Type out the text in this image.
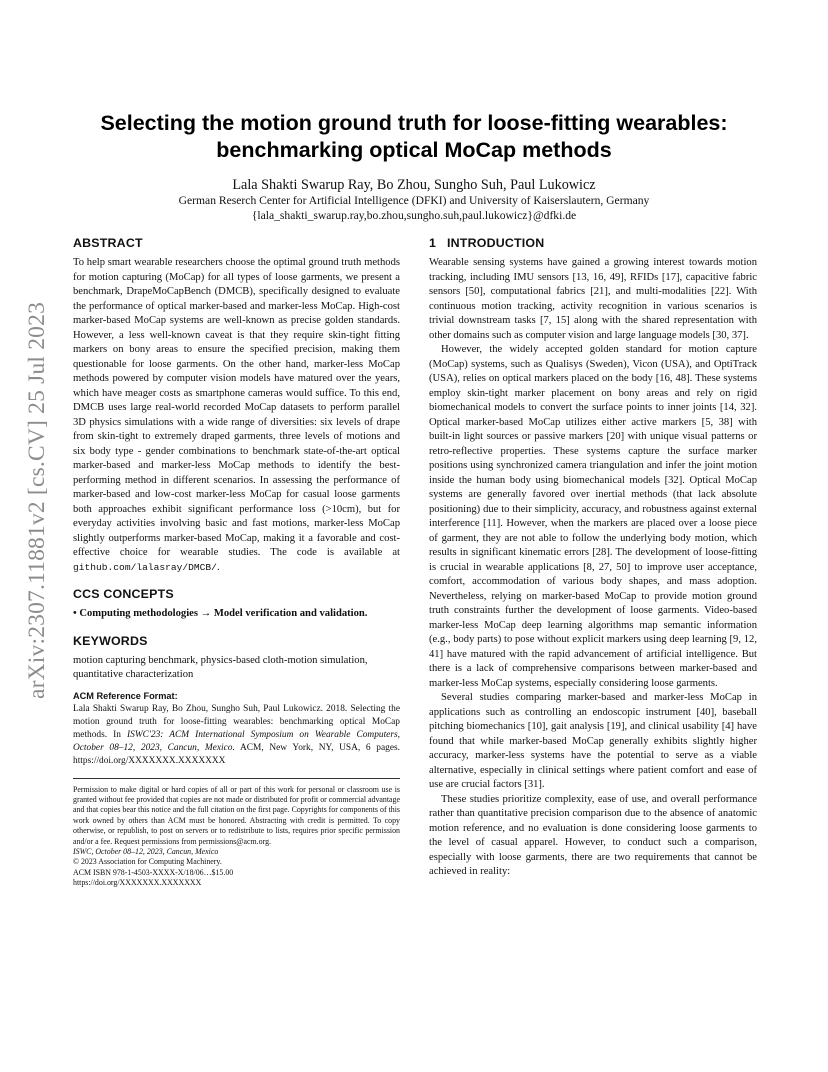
arXiv:2307.11881v2 [cs.CV] 25 Jul 2023
Selecting the motion ground truth for loose-fitting wearables:
benchmarking optical MoCap methods
Lala Shakti Swarup Ray, Bo Zhou, Sungho Suh, Paul Lukowicz
German Reserch Center for Artificial Intelligence (DFKI) and University of Kaiserslautern, Germany
{lala_shakti_swarup.ray,bo.zhou,sungho.suh,paul.lukowicz}@dfki.de
ABSTRACT

To help smart wearable researchers choose the optimal ground truth methods for motion capturing (MoCap) for all types of loose garments, we present a benchmark, DrapeMoCapBench (DMCB), specifically designed to evaluate the performance of optical marker-based and marker-less MoCap. High-cost marker-based MoCap systems are well-known as precise golden standards. However, a less well-known caveat is that they require skin-tight fitting markers on bony areas to ensure the specified precision, making them questionable for loose garments. On the other hand, marker-less MoCap methods powered by computer vision models have matured over the years, which have meager costs as smartphone cameras would suffice. To this end, DMCB uses large real-world recorded MoCap datasets to perform parallel 3D physics simulations with a wide range of diversities: six levels of drape from skin-tight to extremely draped garments, three levels of motions and six body type - gender combinations to benchmark state-of-the-art optical marker-based and marker-less MoCap methods to identify the best-performing method in different scenarios. In assessing the performance of marker-based and low-cost marker-less MoCap for casual loose garments both approaches exhibit significant performance loss (>10cm), but for everyday activities involving basic and fast motions, marker-less MoCap slightly outperforms marker-based MoCap, making it a favorable and cost-effective choice for wearable studies. The code is available at github.com/lalasray/DMCB/.

CCS CONCEPTS

• Computing methodologies → Model verification and validation.

KEYWORDS

motion capturing benchmark, physics-based cloth-motion simulation, quantitative characterization

ACM Reference Format:

Lala Shakti Swarup Ray, Bo Zhou, Sungho Suh, Paul Lukowicz. 2018. Selecting the motion ground truth for loose-fitting wearables: benchmarking optical MoCap methods. In ISWC'23: ACM International Symposium on Wearable Computers, October 08–12, 2023, Cancun, Mexico. ACM, New York, NY, USA, 6 pages. https://doi.org/XXXXXXX.XXXXXXX

Permission to make digital or hard copies of all or part of this work for personal or classroom use is granted without fee provided that copies are not made or distributed for profit or commercial advantage and that copies bear this notice and the full citation on the first page. Copyrights for components of this work owned by others than ACM must be honored. Abstracting with credit is permitted. To copy otherwise, or republish, to post on servers or to redistribute to lists, requires prior specific permission and/or a fee. Request permissions from permissions@acm.org.

ISWC, October 08–12, 2023, Cancun, Mexico

© 2023 Association for Computing Machinery.

ACM ISBN 978-1-4503-XXXX-X/18/06…$15.00

https://doi.org/XXXXXXX.XXXXXXX

1   INTRODUCTION

Wearable sensing systems have gained a growing interest towards motion tracking, including IMU sensors [13, 16, 49], RFIDs [17], capacitive fabric sensors [50], computational fabrics [21], and multi-modalities [22]. With continuous motion tracking, activity recognition in various scenarios is trivial downstream tasks [7, 15] along with the shared representation with other domains such as computer vision and large language models [30, 37].

However, the widely accepted golden standard for motion capture (MoCap) systems, such as Qualisys (Sweden), Vicon (USA), and OptiTrack (USA), relies on optical markers placed on the body [16, 48]. These systems employ skin-tight marker placement on bony areas and rely on rigid biomechanical models to convert the surface points to inner joints [14, 32]. Optical marker-based MoCap utilizes either active markers [5, 38] with built-in light sources or passive markers [20] with unique visual patterns or retro-reflective properties. These systems capture the surface marker positions using synchronized camera triangulation and infer the joint motion inside the human body using biomechanical models [32]. Optical MoCap systems are generally favored over inertial methods (that lack absolute positioning) due to their simplicity, accuracy, and robustness against external interference [11]. However, when the markers are placed over a loose piece of garment, they are not able to follow the underlying body motion, which results in significant kinematic errors [28]. The development of loose-fitting is crucial in wearable applications [8, 27, 50] to improve user acceptance, comfort, accommodation of various body shapes, and mass adoption. Nevertheless, relying on marker-based MoCap to provide motion ground truth constraints further the development of loose garments. Video-based marker-less MoCap deep learning algorithms map semantic information (e.g., body parts) to pose without explicit markers using deep learning [9, 12, 41] have matured with the rapid advancement of artificial intelligence. But there is a lack of comprehensive comparisons between marker-based and marker-less MoCap systems, especially considering loose garments.

Several studies comparing marker-based and marker-less MoCap in applications such as controlling an endoscopic instrument [40], baseball pitching biomechanics [10], gait analysis [19], and clinical usability [4] have found that while marker-based MoCap generally exhibits slightly higher accuracy, marker-less systems have the potential to serve as a viable alternative, especially in clinical settings where patient comfort and ease of use are crucial factors [31].

These studies prioritize complexity, ease of use, and overall performance rather than quantitative precision comparison due to the absence of anatomic motion reference, and no evaluation is done considering loose garments to the level of casual apparel. However, to conduct such a comparison, especially with loose garments, there are two requirements that cannot be achieved in reality:
